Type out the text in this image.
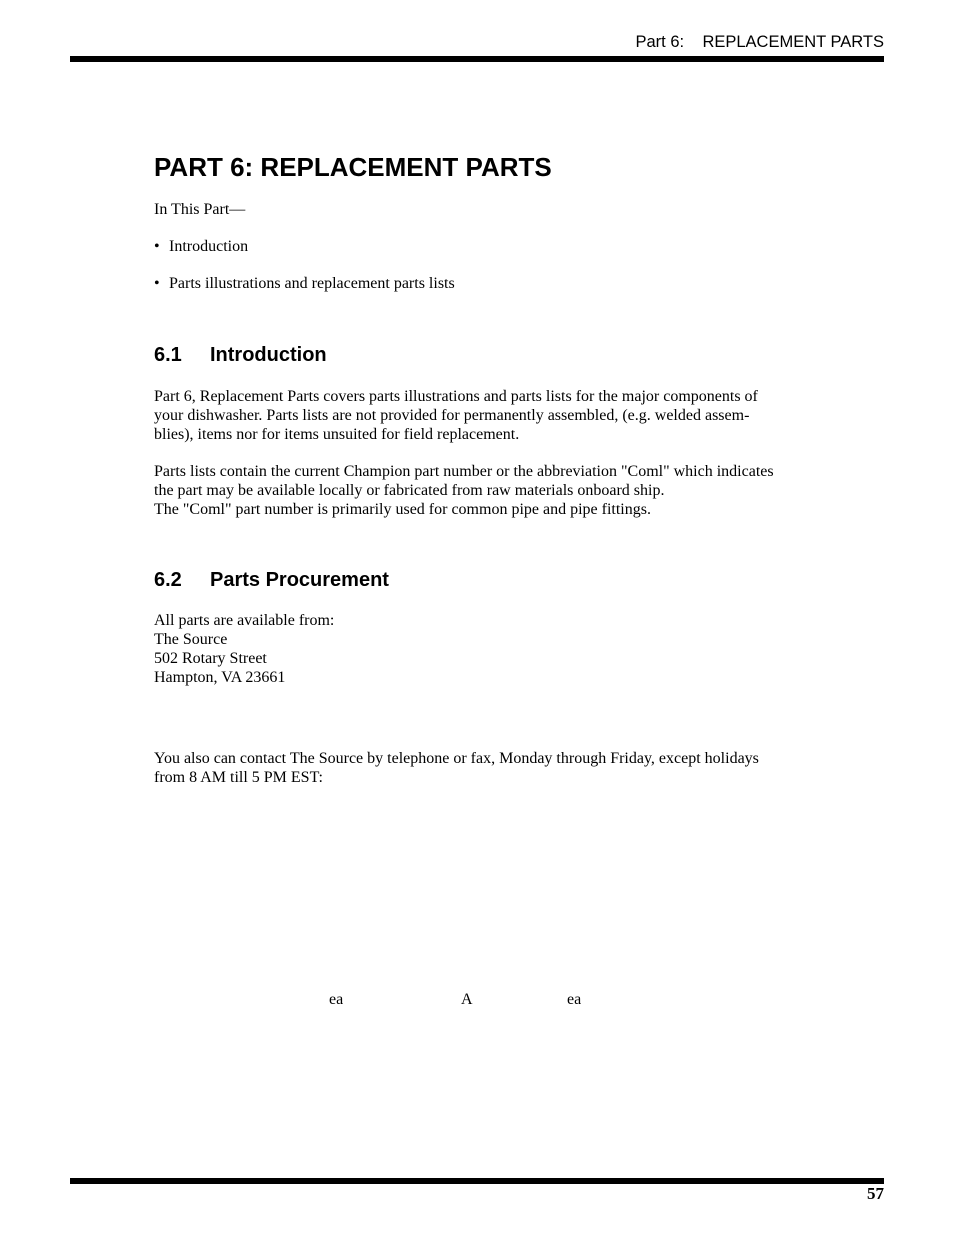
Part 6:    REPLACEMENT PARTS
PART 6: REPLACEMENT PARTS

In This Part—

• Introduction

• Parts illustrations and replacement parts lists

6.1 Introduction

Part 6, Replacement Parts covers parts illustrations and parts lists for the major components of
your dishwasher. Parts lists are not provided for permanently assembled, (e.g. welded assem-
blies), items nor for items unsuited for field replacement.

Parts lists contain the current Champion part number or the abbreviation "Coml" which indicates
the part may be available locally or fabricated from raw materials onboard ship.
The "Coml" part number is primarily used for common pipe and pipe fittings.

6.2 Parts Procurement

All parts are available from:
The Source
502 Rotary Street
Hampton, VA 23661

You also can contact The Source by telephone or fax, Monday through Friday, except holidays
from 8 AM till 5 PM EST:

ea	A	ea
57
